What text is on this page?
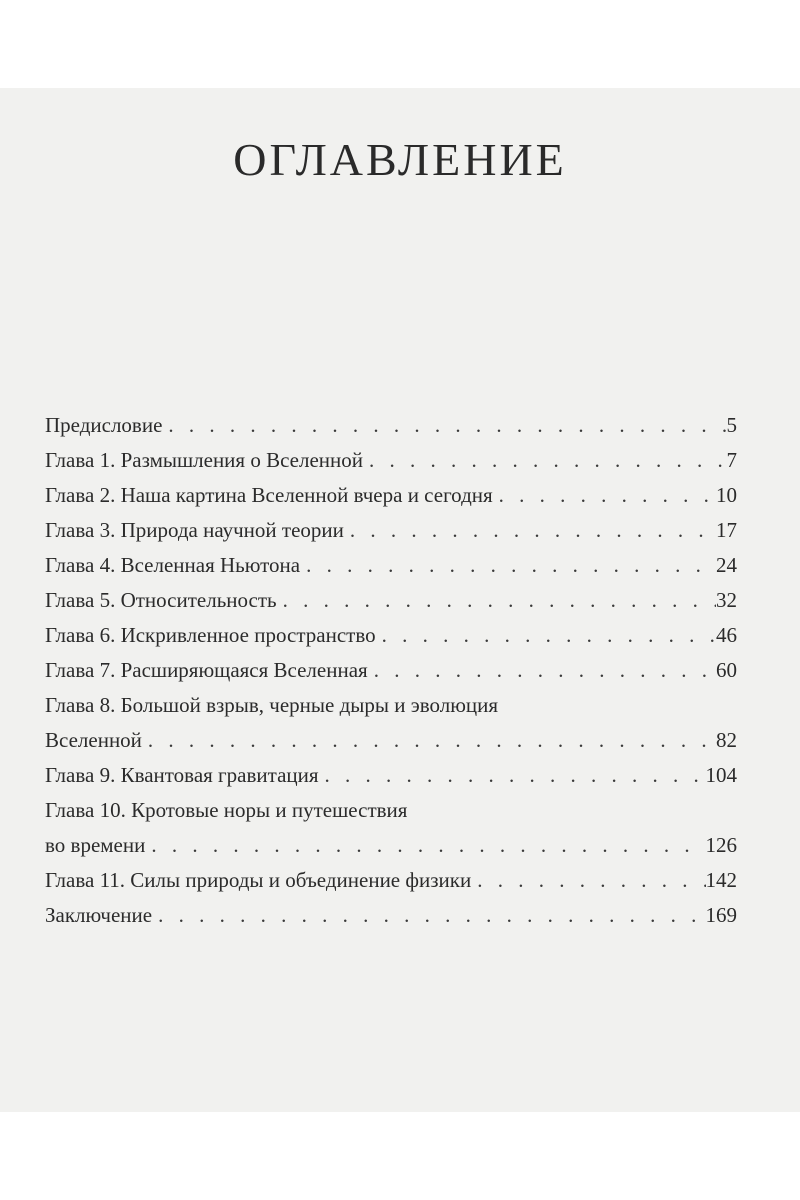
ОГЛАВЛЕНИЕ
Предисловие . . .	5
Глава 1. Размышления о Вселенной . . .	7
Глава 2. Наша картина Вселенной вчера и сегодня . . .	10
Глава 3. Природа научной теории . . .	17
Глава 4. Вселенная Ньютона . . .	24
Глава 5. Относительность . . .	32
Глава 6. Искривленное пространство . . .	46
Глава 7. Расширяющаяся Вселенная . . .	60
Глава 8. Большой взрыв, черные дыры и эволюция
Вселенной . . .	82
Глава 9. Квантовая гравитация . . .	104
Глава 10. Кротовые норы и путешествия
во времени . . .	126
Глава 11. Силы природы и объединение физики . . .	142
Заключение . . .	169
